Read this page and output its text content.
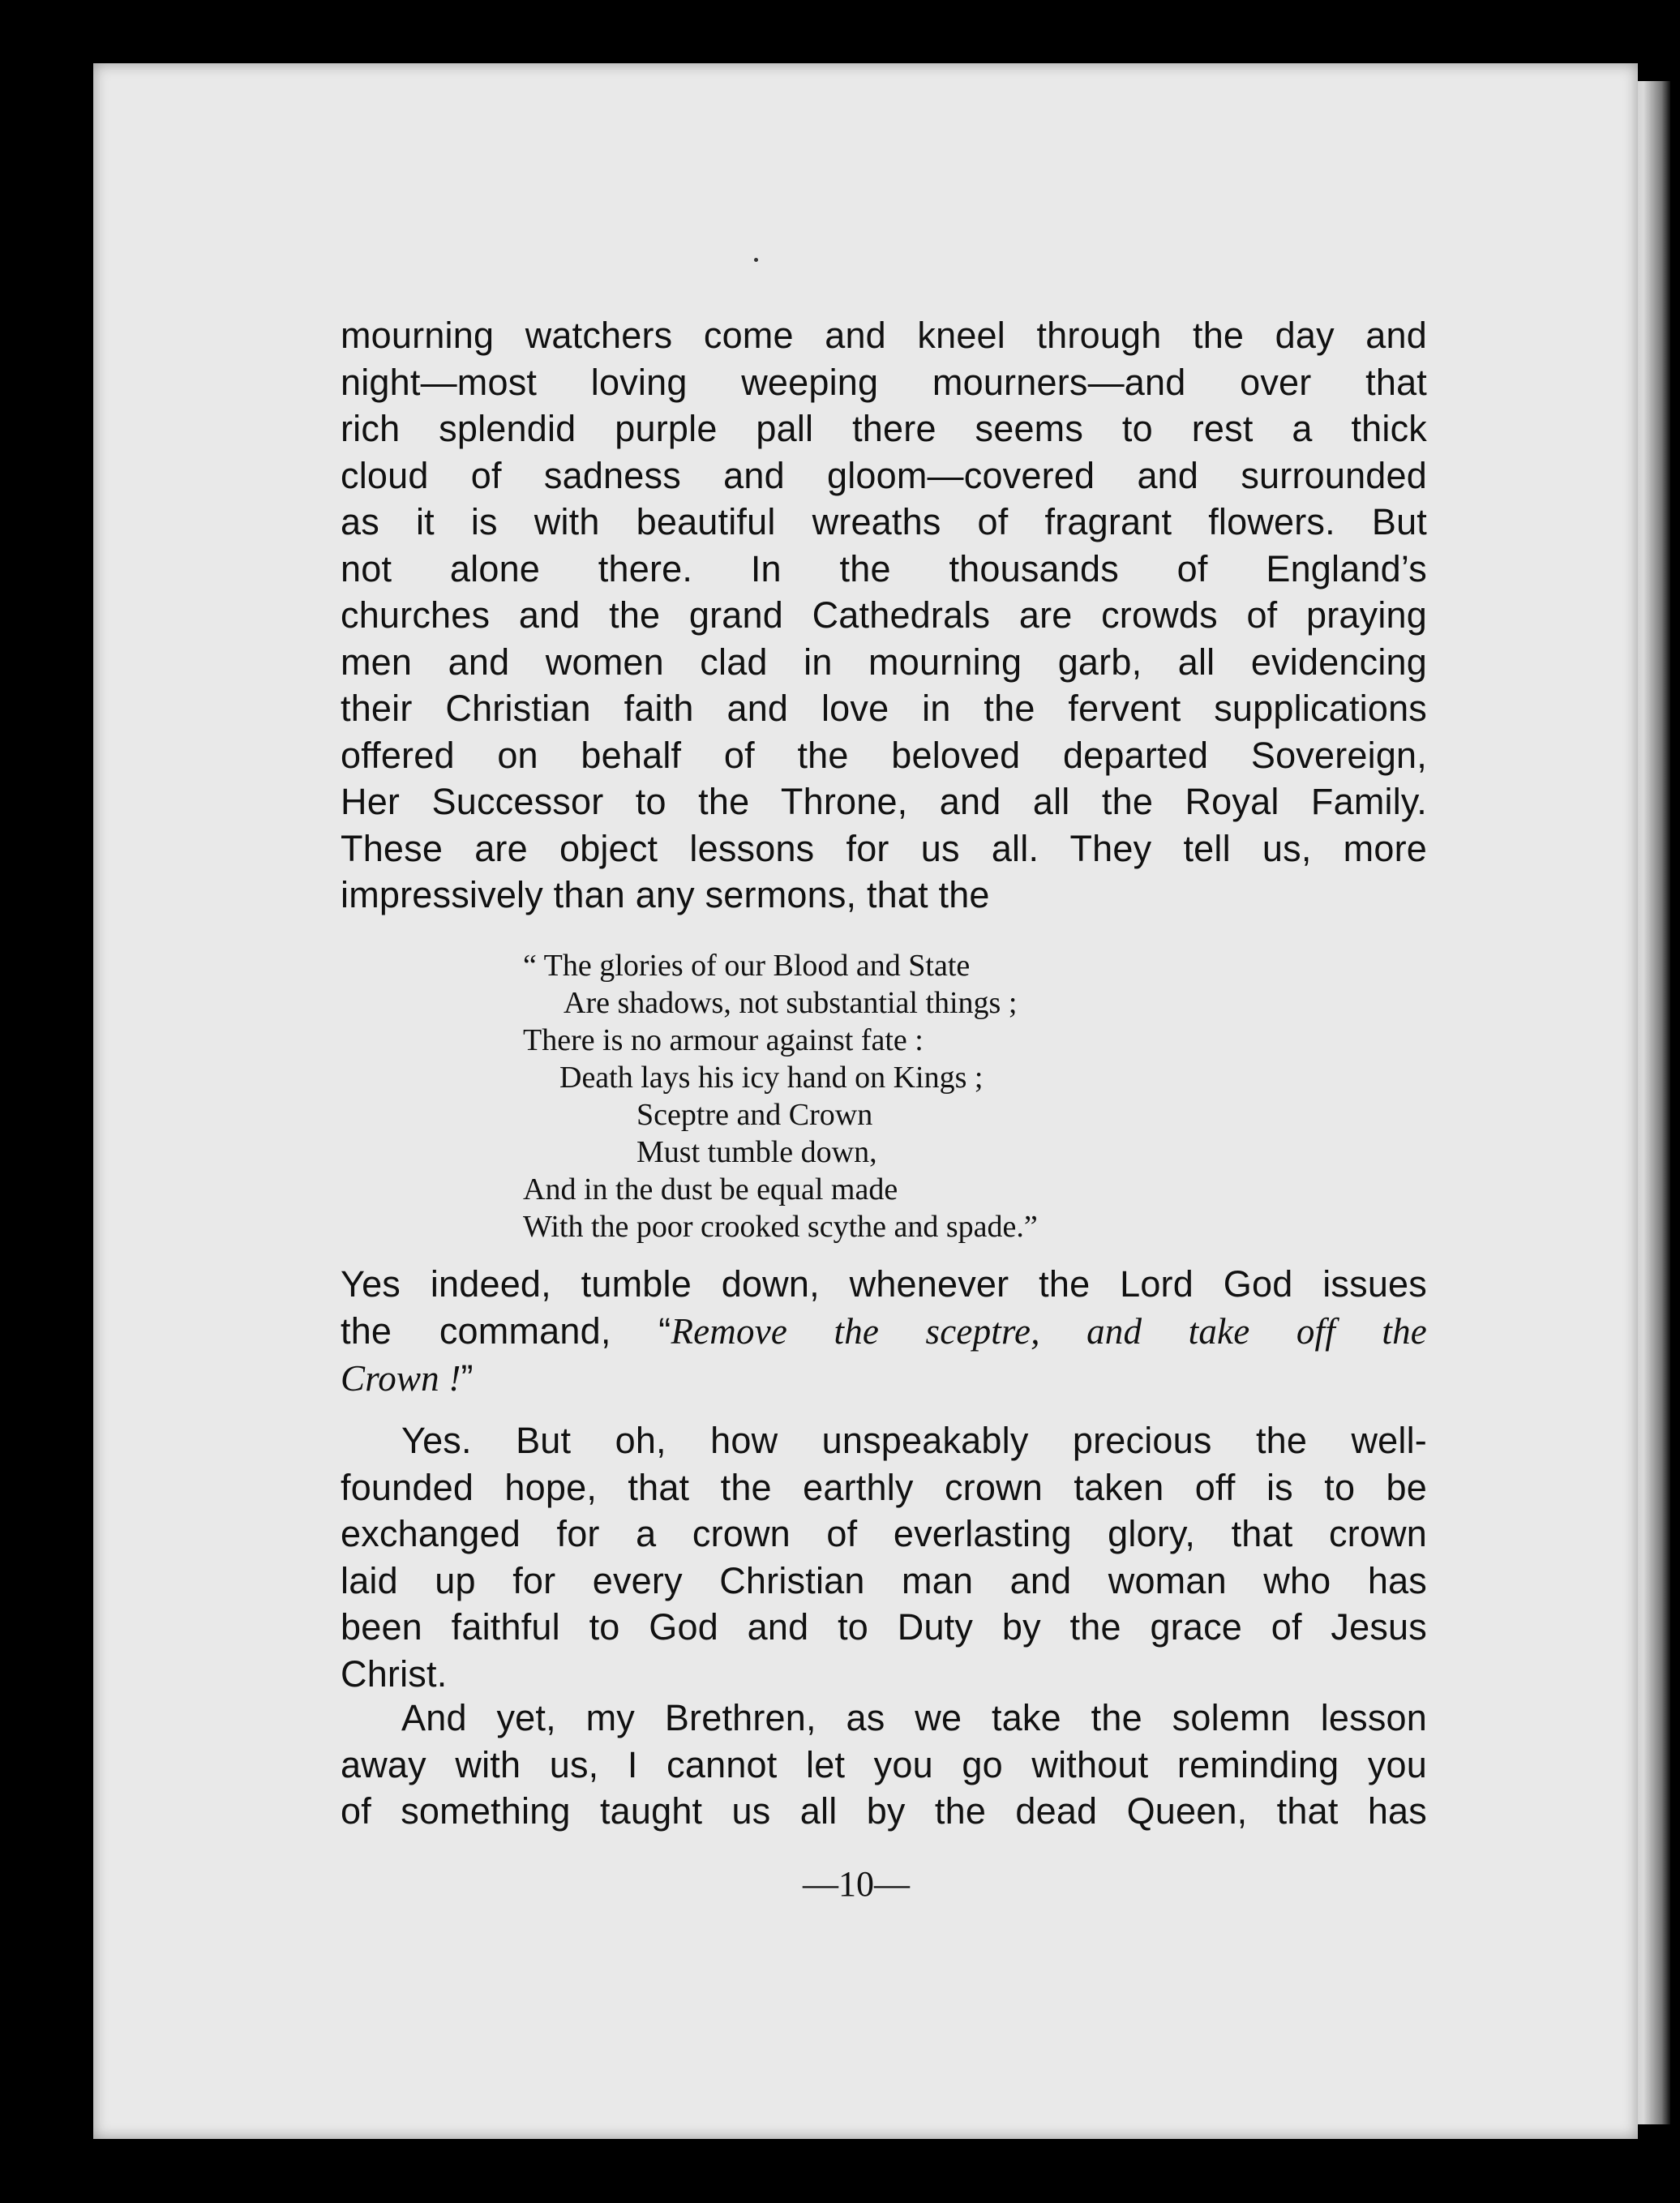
mourning watchers come and kneel through the day and
night—most loving weeping mourners—and over that
rich splendid purple pall there seems to rest a thick
cloud of sadness and gloom—covered and surrounded
as it is with beautiful wreaths of fragrant flowers. But
not alone there. In the thousands of England’s
churches and the grand Cathedrals are crowds of praying
men and women clad in mourning garb, all evidencing
their Christian faith and love in the fervent supplications
offered on behalf of the beloved departed Sovereign,
Her Successor to the Throne, and all the Royal Family.
These are object lessons for us all. They tell us, more
impressively than any sermons, that the

“ The glories of our Blood and State
Are shadows, not substantial things ;
There is no armour against fate :
Death lays his icy hand on Kings ;
Sceptre and Crown
Must tumble down,
And in the dust be equal made
With the poor crooked scythe and spade.”

Yes indeed, tumble down, whenever the Lord God issues
the command, “Remove the sceptre, and take off the
Crown !”

Yes. But oh, how unspeakably precious the well-
founded hope, that the earthly crown taken off is to be
exchanged for a crown of everlasting glory, that crown
laid up for every Christian man and woman who has
been faithful to God and to Duty by the grace of Jesus
Christ.

And yet, my Brethren, as we take the solemn lesson
away with us, I cannot let you go without reminding you
of something taught us all by the dead Queen, that has

—10—
